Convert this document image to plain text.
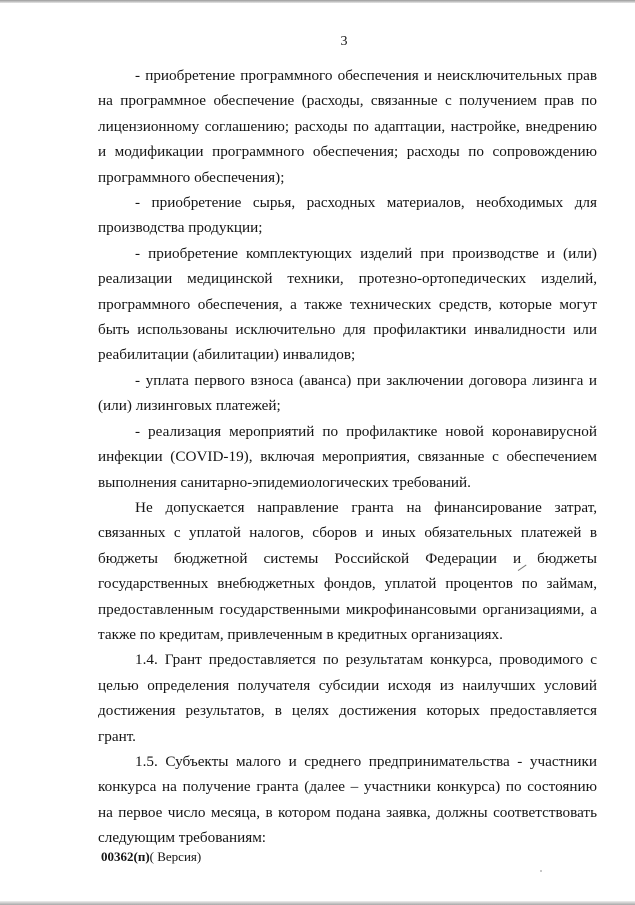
3

- приобретение программного обеспечения и неисключительных прав на программное обеспечение (расходы, связанные с получением прав по лицензионному соглашению; расходы по адаптации, настройке, внедрению и модификации программного обеспечения; расходы по сопровождению программного обеспечения);

- приобретение сырья, расходных материалов, необходимых для производства продукции;

- приобретение комплектующих изделий при производстве и (или) реализации медицинской техники, протезно-ортопедических изделий, программного обеспечения, а также технических средств, которые могут быть использованы исключительно для профилактики инвалидности или реабилитации (абилитации) инвалидов;

- уплата первого взноса (аванса) при заключении договора лизинга и (или) лизинговых платежей;

- реализация мероприятий по профилактике новой коронавирусной инфекции (COVID-19), включая мероприятия, связанные с обеспечением выполнения санитарно-эпидемиологических требований.

Не допускается направление гранта на финансирование затрат, связанных с уплатой налогов, сборов и иных обязательных платежей в бюджеты бюджетной системы Российской Федерации и бюджеты государственных внебюджетных фондов, уплатой процентов по займам, предоставленным государственными микрофинансовыми организациями, а также по кредитам, привлеченным в кредитных организациях.

1.4. Грант предоставляется по результатам конкурса, проводимого с целью определения получателя субсидии исходя из наилучших условий достижения результатов, в целях достижения которых предоставляется грант.

1.5. Субъекты малого и среднего предпринимательства - участники конкурса на получение гранта (далее – участники конкурса) по состоянию на первое число месяца, в котором подана заявка, должны соответствовать следующим требованиям:

00362(п)( Версия)
